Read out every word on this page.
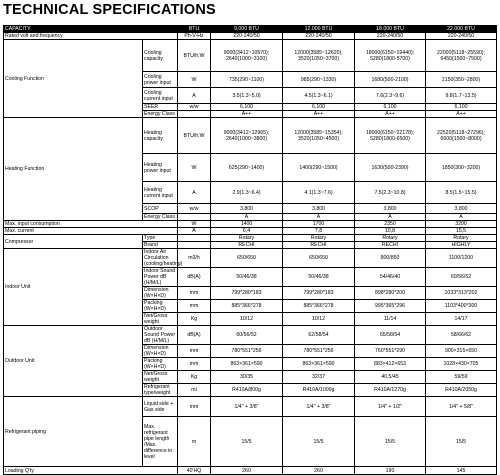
TECHNICAL SPECIFICATIONS
CAPACITY		BTU	9.000 BTU	12.000 BTU	18.000 BTU	22.000 BTU
Rated volt and frequency		Ph-V-Hz	220-240/50	220-240/50	220-240/50	220-240/50
Cooling Function	Cooling capacity	BTU/h;W	9000(3412~10570); 2640(1000~3100)	12000(3585~12620); 3520(1050~3700)	18000(6150~19440); 5280(1800-5700)	22000(5118~25590); 6450(1500~7500)
	Cooling power input	W	735(290~1100)	985(290~1330)	1680(500-2100)	2150(350~2800)
	Cooling current input	A	3.5(1.3~5.0)	4.5(1.3~6.1)	7.6(2.3~9.6)	9.8(1.7~13.5)
	SEER	w/w	6,100	6,100	6,100	6,100
	Energy Class		A++	A++	A++	A++
Heating Function	Heating capacity	BTU/h;W	9000(3412~12965); 2640(1000~3800)	12000(3585~15354); 3520(1050~4500)	18000(6150~22178); 5280(1800-6500)	22520(5118~27296); 6600(1500~8000)
	Heating power input	W	625(290~1400)	1400(290~1500)	1630(500-2390)	1850(300~3200)
	Heating current input	A	2.9(1.3~6.4)	4.1(1.3~7.6)	7.5(2.3~10.8)	8.5(1.5~15.5)
	SCOP	w/w	3,800	3,800	3,800	3,800
	Energy Class		A	A	A	A
Max. input consumption		W	1400	1700	2350	3200
Max. current		A	6,4	7,8	10,8	15,5
Compressor	Type		Rotary	Rotary	Rotary	Rotary
	Brand		RECHI	RECHI	RECHI	HIGHLY
Indoor Unit	Indoor Air Circulation (cooling/heating)	m3/h	650/650	650/650	800/850	1100/1200
	Indoor Sound Power dB (H/M/L)	dB(A)	50/46/38	50/46/38	54/46/40	60/56/52
	Dimension (W×H×D)	mm	799*280*183	799*280*183	898*280*200	1033*313*202
	Packing (W×H×D)	mm	885*366*278	885*366*278	995*365*296	1103*400*300
	Net/Gross weight	Kg	10/12	10/12	11/14	14/17
Outdoor Unit	Outdoor Sound Power dB (H/M/L)	dB(A)	60/56/52	62/58/54	65/58/54	58/66/62
	Dimension (W×H×D)	mm	780*551*256	780*551*256	760*551*290	900×315×650
	Packing (W×H×D)	mm	863×361×590	863×361×590	883×412×653	1028×430×705
	Net/Gross weight	Kg	30/35	32/37	40.5/45	59/59
	Refrigerant type/weight	ml	R410A/800g	R410A/1000g	R410A/1270g	R410A/2050g
Refrigerant piping	Liquid side + Gas side	mm	1/4" + 3/8"	1/4" + 3/8"	1/4" + 1/2"	1/4" + 5/8"
	Max. refrigerant pipe length /Max. difference in level	m	15/5	15/5	15/5	15/5
Loading Q'ty		40'HQ	260	260	190	145
